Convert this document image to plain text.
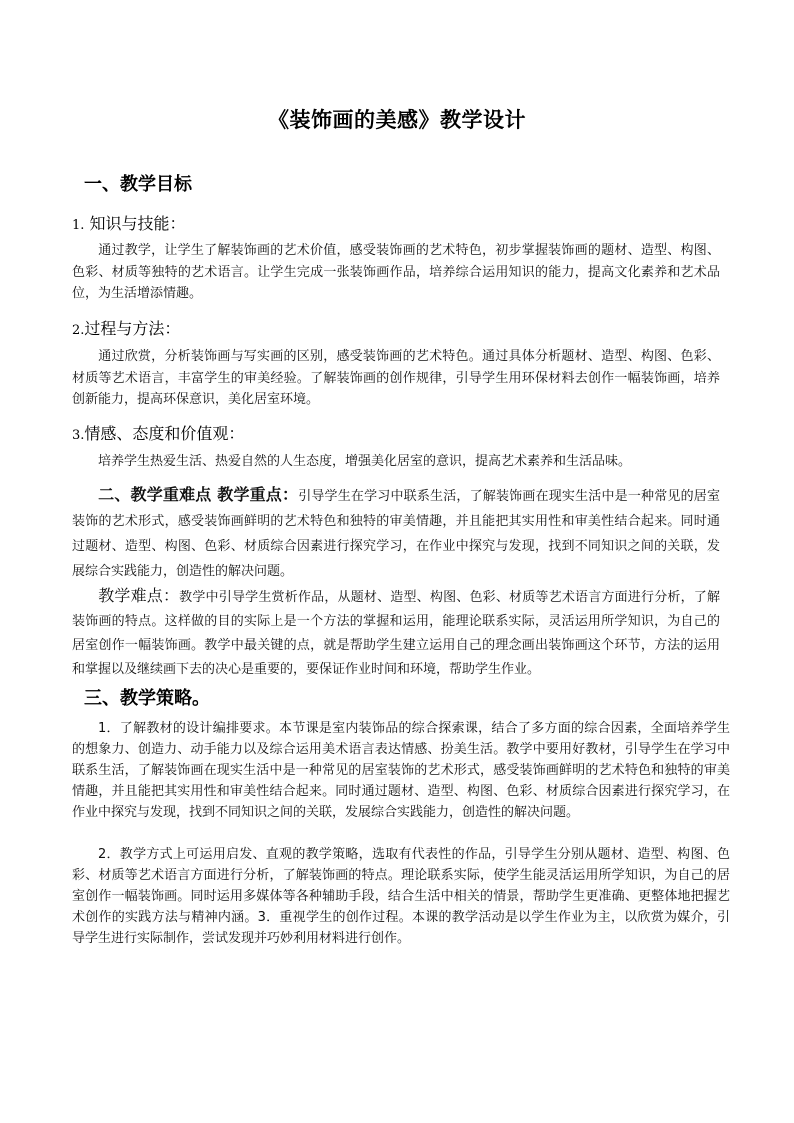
《装饰画的美感》教学设计
一、教学目标
1. 知识与技能：
通过教学，让学生了解装饰画的艺术价值，感受装饰画的艺术特色，初步掌握装饰画的题材、造型、构图、色彩、材质等独特的艺术语言。让学生完成一张装饰画作品，培养综合运用知识的能力，提高文化素养和艺术品位，为生活增添情趣。
2.过程与方法：
通过欣赏，分析装饰画与写实画的区别，感受装饰画的艺术特色。通过具体分析题材、造型、构图、色彩、材质等艺术语言，丰富学生的审美经验。了解装饰画的创作规律，引导学生用环保材料去创作一幅装饰画，培养创新能力，提高环保意识，美化居室环境。
3.情感、态度和价值观：
培养学生热爱生活、热爱自然的人生态度，增强美化居室的意识，提高艺术素养和生活品味。
二、教学重难点 教学重点：引导学生在学习中联系生活，了解装饰画在现实生活中是一种常见的居室装饰的艺术形式，感受装饰画鲜明的艺术特色和独特的审美情趣，并且能把其实用性和审美性结合起来。同时通过题材、造型、构图、色彩、材质综合因素进行探究学习，在作业中探究与发现，找到不同知识之间的关联，发展综合实践能力，创造性的解决问题。
教学难点：教学中引导学生赏析作品，从题材、造型、构图、色彩、材质等艺术语言方面进行分析，了解装饰画的特点。这样做的目的实际上是一个方法的掌握和运用，能理论联系实际，灵活运用所学知识，为自己的居室创作一幅装饰画。教学中最关键的点，就是帮助学生建立运用自己的理念画出装饰画这个环节，方法的运用和掌握以及继续画下去的决心是重要的，要保证作业时间和环境，帮助学生作业。
三、教学策略。
1．了解教材的设计编排要求。本节课是室内装饰品的综合探索课，结合了多方面的综合因素，全面培养学生的想象力、创造力、动手能力以及综合运用美术语言表达情感、扮美生活。教学中要用好教材，引导学生在学习中联系生活，了解装饰画在现实生活中是一种常见的居室装饰的艺术形式，感受装饰画鲜明的艺术特色和独特的审美情趣，并且能把其实用性和审美性结合起来。同时通过题材、造型、构图、色彩、材质综合因素进行探究学习，在作业中探究与发现，找到不同知识之间的关联，发展综合实践能力，创造性的解决问题。
2．教学方式上可运用启发、直观的教学策略，选取有代表性的作品，引导学生分别从题材、造型、构图、色彩、材质等艺术语言方面进行分析，了解装饰画的特点。理论联系实际，使学生能灵活运用所学知识，为自己的居室创作一幅装饰画。同时运用多媒体等各种辅助手段，结合生活中相关的情景，帮助学生更准确、更整体地把握艺术创作的实践方法与精神内涵。3．重视学生的创作过程。本课的教学活动是以学生作业为主，以欣赏为媒介，引导学生进行实际制作，尝试发现并巧妙利用材料进行创作。
